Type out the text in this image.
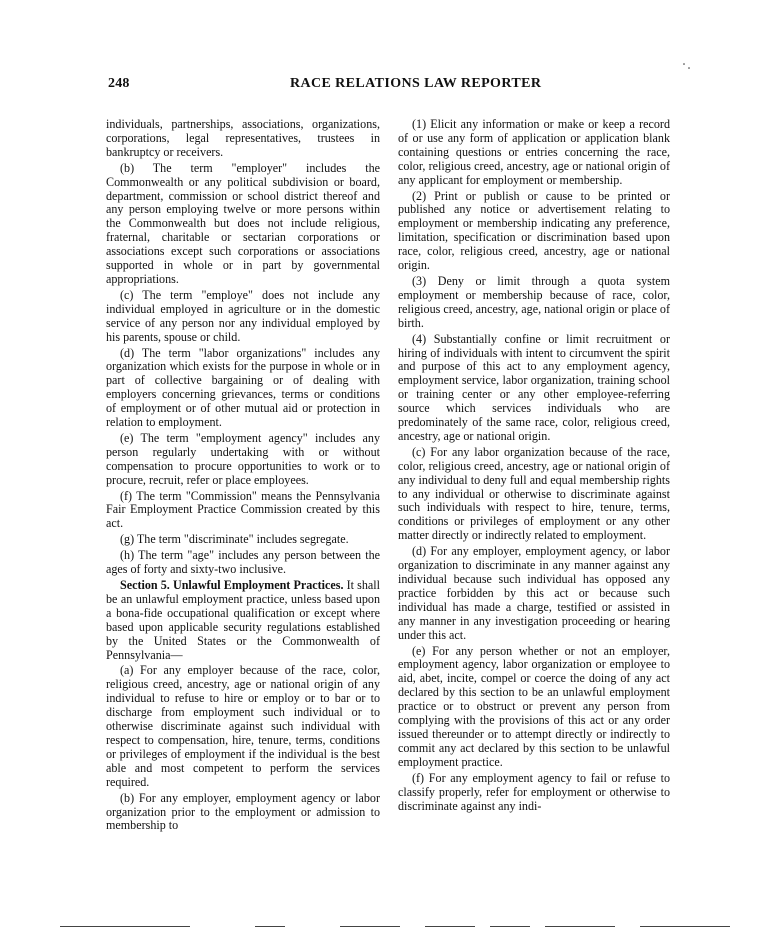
248	RACE RELATIONS LAW REPORTER

individuals, partnerships, associations, organizations, corporations, legal representatives, trustees in bankruptcy or receivers.

(b) The term "employer" includes the Commonwealth or any political subdivision or board, department, commission or school district thereof and any person employing twelve or more persons within the Commonwealth but does not include religious, fraternal, charitable or sectarian corporations or associations except such corporations or associations supported in whole or in part by governmental appropriations.

(c) The term "employe" does not include any individual employed in agriculture or in the domestic service of any person nor any individual employed by his parents, spouse or child.

(d) The term "labor organizations" includes any organization which exists for the purpose in whole or in part of collective bargaining or of dealing with employers concerning grievances, terms or conditions of employment or of other mutual aid or protection in relation to employment.

(e) The term "employment agency" includes any person regularly undertaking with or without compensation to procure opportunities to work or to procure, recruit, refer or place employees.

(f) The term "Commission" means the Pennsylvania Fair Employment Practice Commission created by this act.

(g) The term "discriminate" includes segregate.

(h) The term "age" includes any person between the ages of forty and sixty-two inclusive.

Section 5. Unlawful Employment Practices. It shall be an unlawful employment practice, unless based upon a bona-fide occupational qualification or except where based upon applicable security regulations established by the United States or the Commonwealth of Pennsylvania—

(a) For any employer because of the race, color, religious creed, ancestry, age or national origin of any individual to refuse to hire or employ or to bar or to discharge from employment such individual or to otherwise discriminate against such individual with respect to compensation, hire, tenure, terms, conditions or privileges of employment if the individual is the best able and most competent to perform the services required.

(b) For any employer, employment agency or labor organization prior to the employment or admission to membership to

(1) Elicit any information or make or keep a record of or use any form of application or application blank containing questions or entries concerning the race, color, religious creed, ancestry, age or national origin of any applicant for employment or membership.

(2) Print or publish or cause to be printed or published any notice or advertisement relating to employment or membership indicating any preference, limitation, specification or discrimination based upon race, color, religious creed, ancestry, age or national origin.

(3) Deny or limit through a quota system employment or membership because of race, color, religious creed, ancestry, age, national origin or place of birth.

(4) Substantially confine or limit recruitment or hiring of individuals with intent to circumvent the spirit and purpose of this act to any employment agency, employment service, labor organization, training school or training center or any other employee-referring source which services individuals who are predominately of the same race, color, religious creed, ancestry, age or national origin.

(c) For any labor organization because of the race, color, religious creed, ancestry, age or national origin of any individual to deny full and equal membership rights to any individual or otherwise to discriminate against such individuals with respect to hire, tenure, terms, conditions or privileges of employment or any other matter directly or indirectly related to employment.

(d) For any employer, employment agency, or labor organization to discriminate in any manner against any individual because such individual has opposed any practice forbidden by this act or because such individual has made a charge, testified or assisted in any manner in any investigation proceeding or hearing under this act.

(e) For any person whether or not an employer, employment agency, labor organization or employee to aid, abet, incite, compel or coerce the doing of any act declared by this section to be an unlawful employment practice or to obstruct or prevent any person from complying with the provisions of this act or any order issued thereunder or to attempt directly or indirectly to commit any act declared by this section to be unlawful employment practice.

(f) For any employment agency to fail or refuse to classify properly, refer for employment or otherwise to discriminate against any indi-
